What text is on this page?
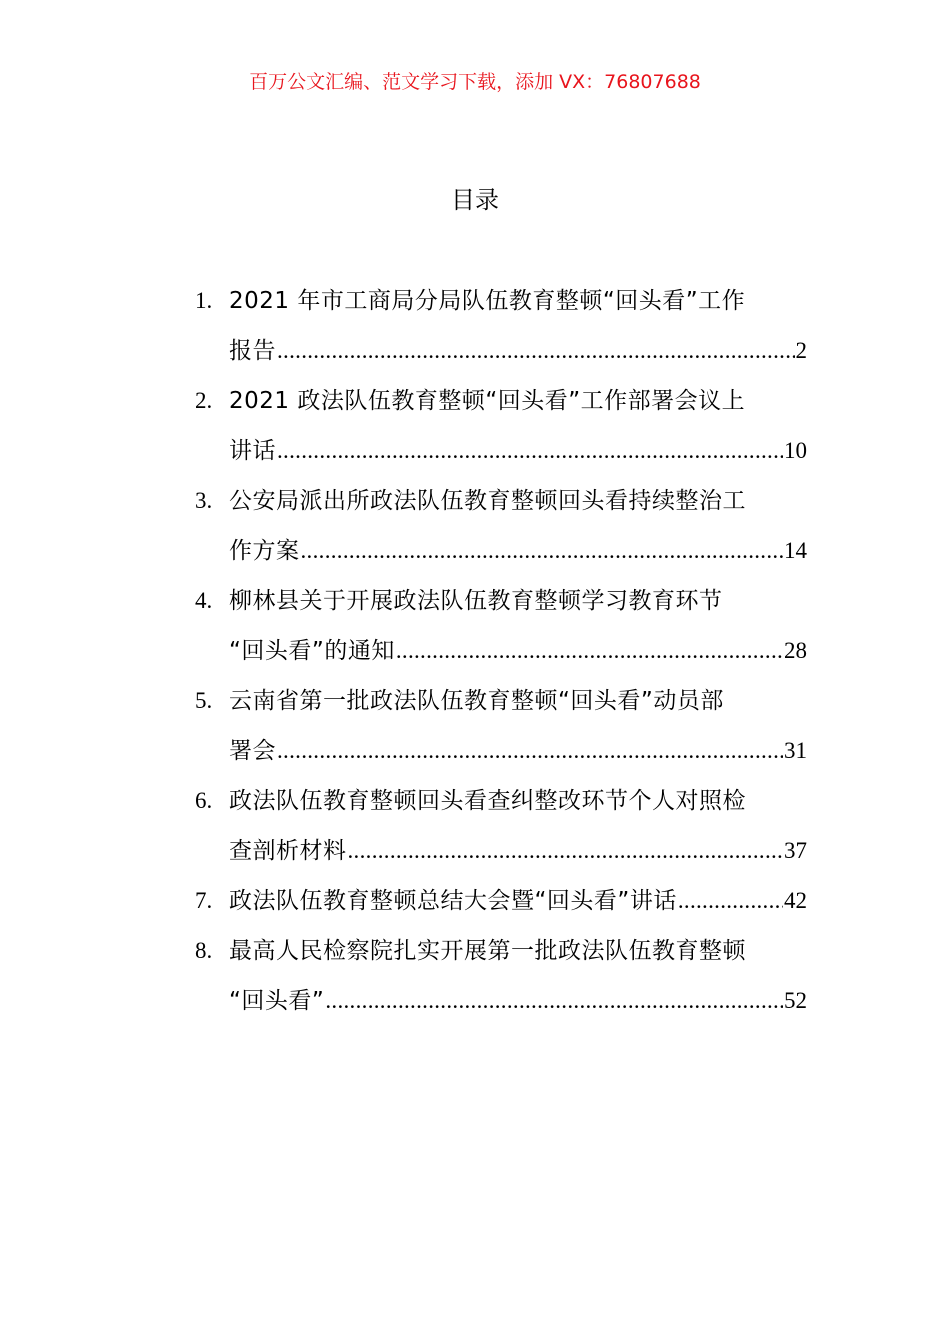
百万公文汇编、范文学习下载，添加 VX：76807688
目录
1. 2021 年市工商局分局队伍教育整顿“回头看”工作
报告 .....	2
2. 2021 政法队伍教育整顿“回头看”工作部署会议上
讲话 .....	10
3. 公安局派出所政法队伍教育整顿回头看持续整治工
作方案 .....	14
4. 柳林县关于开展政法队伍教育整顿学习教育环节
“回头看”的通知 .....	28
5. 云南省第一批政法队伍教育整顿“回头看”动员部
署会 .....	31
6. 政法队伍教育整顿回头看查纠整改环节个人对照检
查剖析材料 .....	37
7. 政法队伍教育整顿总结大会暨“回头看”讲话 .....	42
8. 最高人民检察院扎实开展第一批政法队伍教育整顿
“回头看” .....	52
